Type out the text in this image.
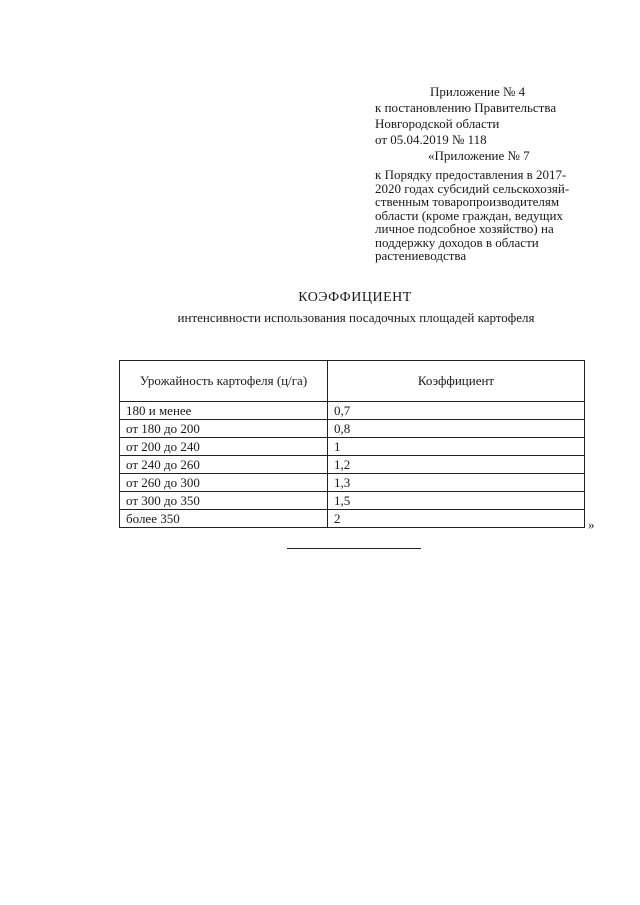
Приложение № 4
к постановлению Правительства
Новгородской области
от 05.04.2019 № 118
«Приложение № 7
к Порядку предоставления в 2017-
2020 годах субсидий сельскохозяй-
ственным товаропроизводителям
области (кроме граждан, ведущих
личное подсобное хозяйство) на
поддержку доходов в области
растениеводства
КОЭФФИЦИЕНТ
интенсивности использования посадочных площадей картофеля
Урожайность картофеля (ц/га)	Коэффициент
180 и менее	0,7
от 180 до 200	0,8
от 200 до 240	1
от 240 до 260	1,2
от 260 до 300	1,3
от 300 до 350	1,5
более 350	2	»
